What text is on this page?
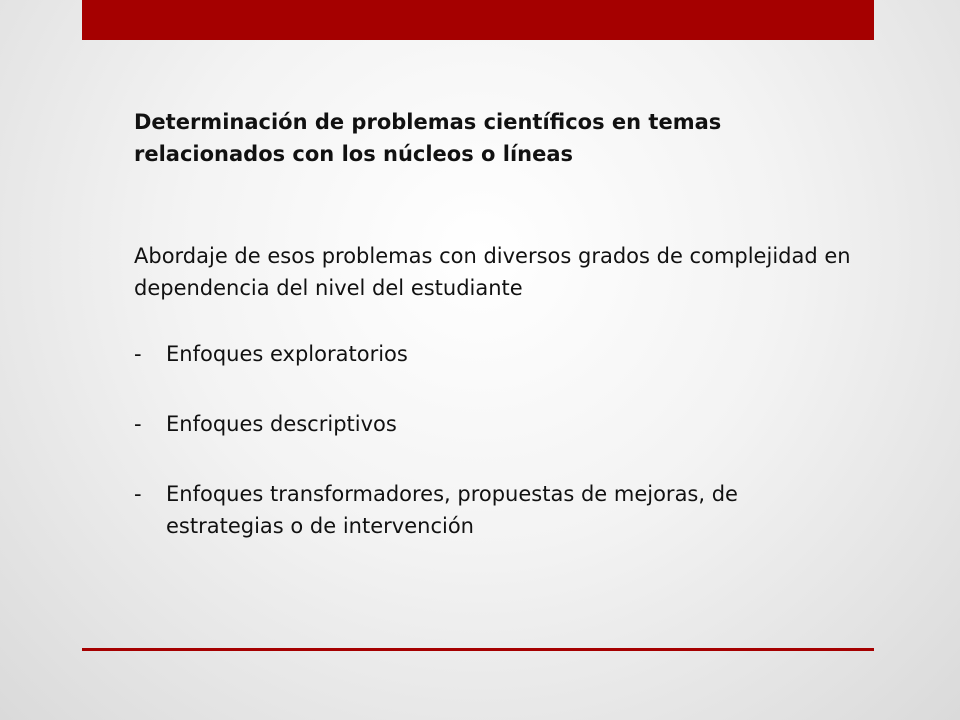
Determinación de problemas científicos en temas relacionados con los núcleos o líneas

Abordaje de esos problemas con diversos grados de complejidad en dependencia del nivel del estudiante

- Enfoques exploratorios
- Enfoques descriptivos
- Enfoques transformadores, propuestas de mejoras, de estrategias o de intervención
